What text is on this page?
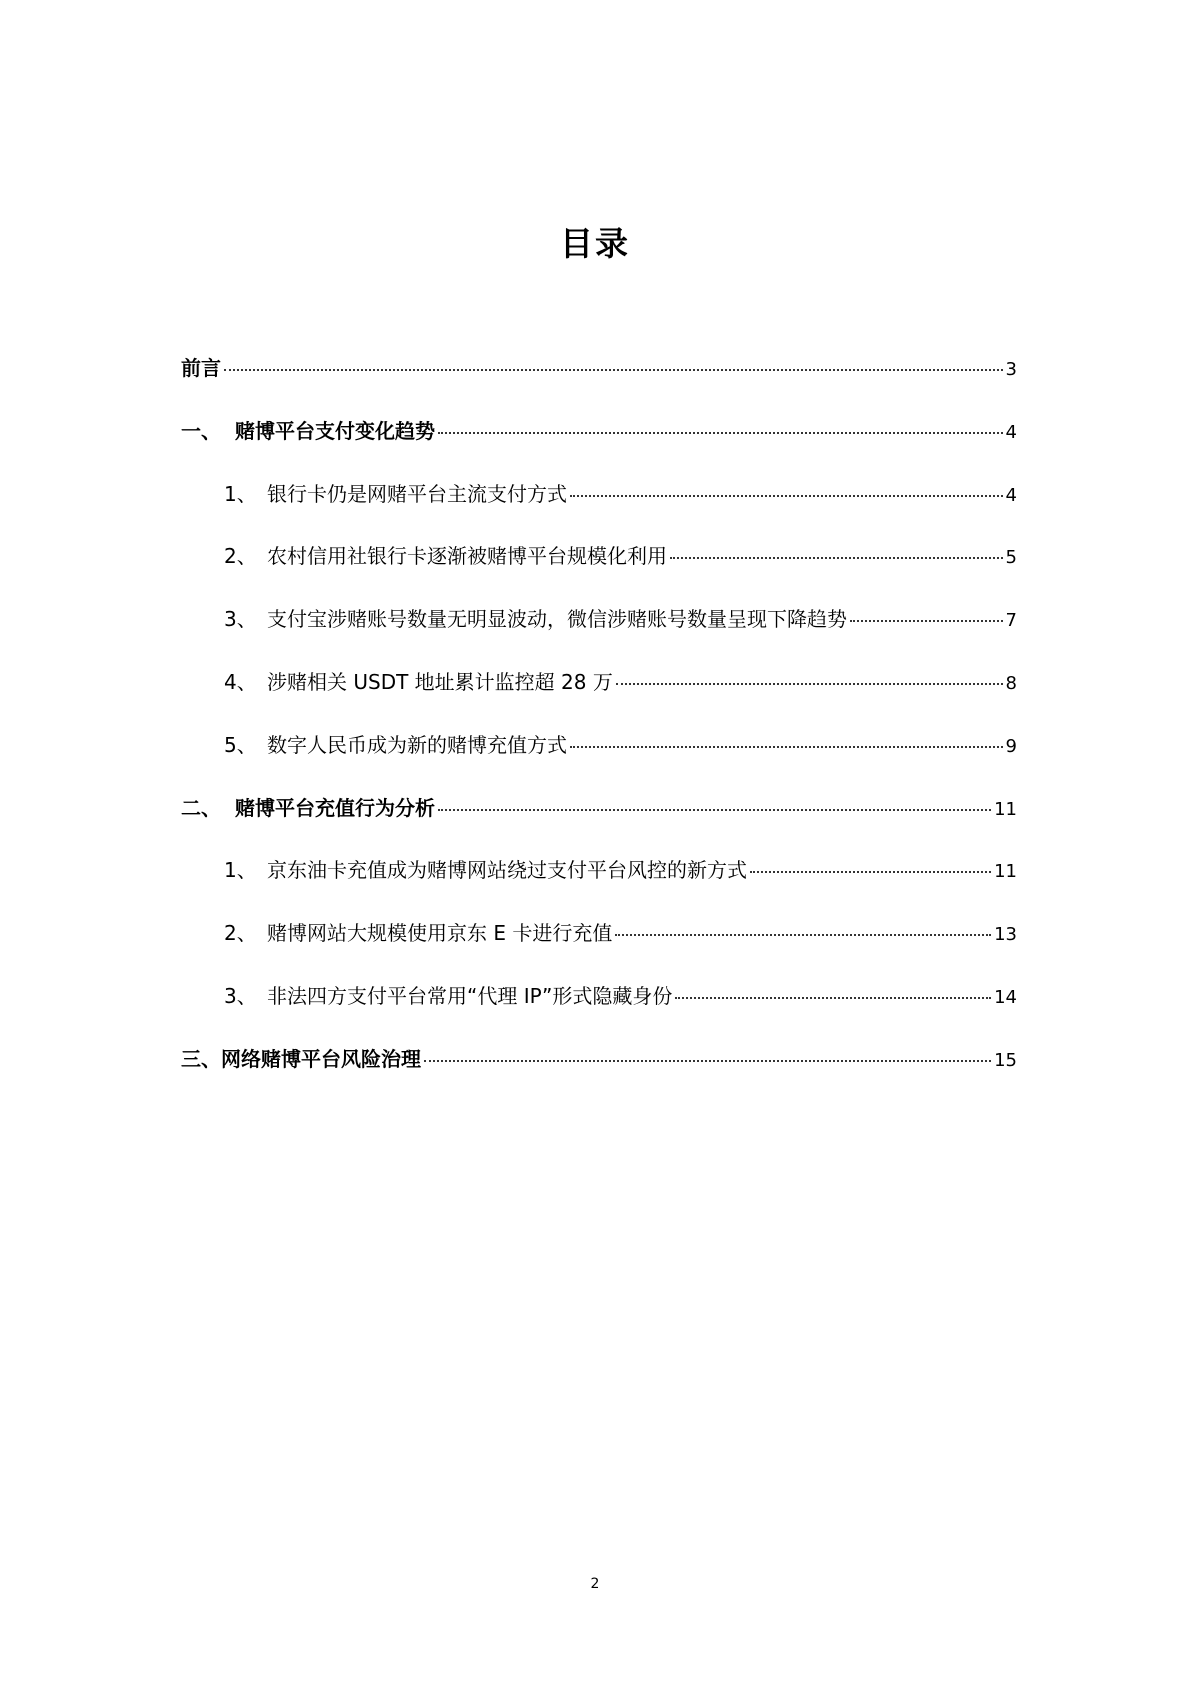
目录
前言	3
一、 赌博平台支付变化趋势	4
1、 银行卡仍是网赌平台主流支付方式	4
2、 农村信用社银行卡逐渐被赌博平台规模化利用	5
3、 支付宝涉赌账号数量无明显波动，微信涉赌账号数量呈现下降趋势	7
4、 涉赌相关 USDT 地址累计监控超 28 万	8
5、 数字人民币成为新的赌博充值方式	9
二、 赌博平台充值行为分析	11
1、 京东油卡充值成为赌博网站绕过支付平台风控的新方式	11
2、 赌博网站大规模使用京东 E 卡进行充值	13
3、 非法四方支付平台常用“代理 IP”形式隐藏身份	14
三、 网络赌博平台风险治理	15
2
